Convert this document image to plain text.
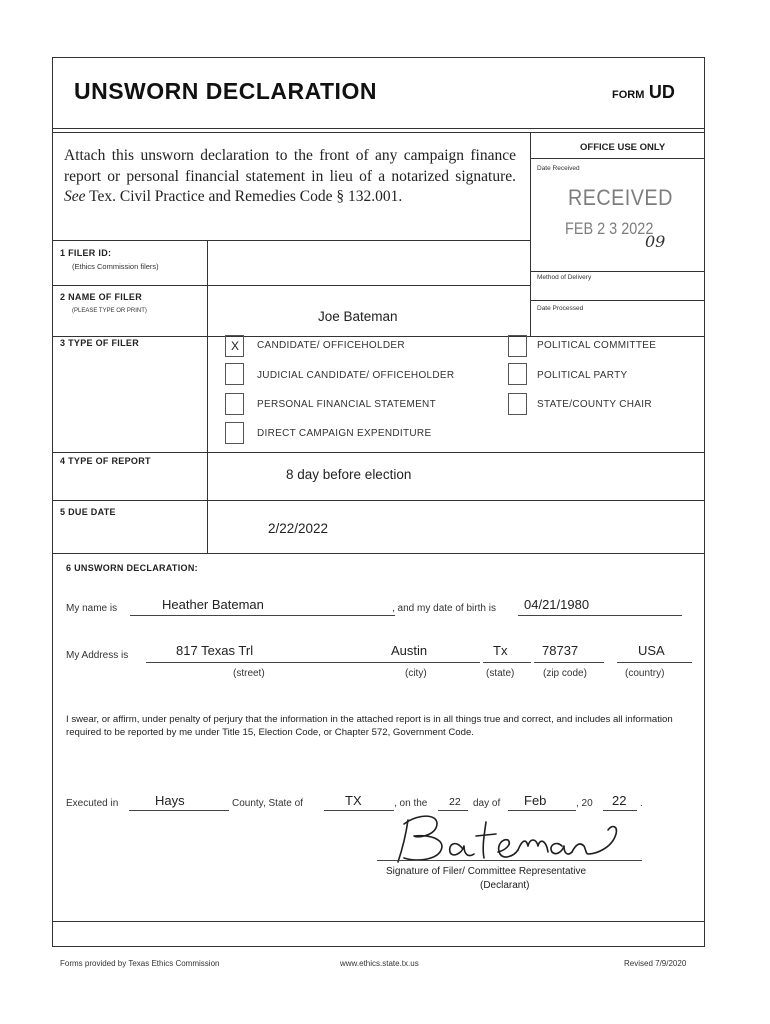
UNSWORN DECLARATION	FORM UD
Attach this unsworn declaration to the front of any campaign finance report or personal financial statement in lieu of a notarized signature. See Tex. Civil Practice and Remedies Code § 132.001.
OFFICE USE ONLY
Date Received
RECEIVED
FEB 2 3 2022
09
Method of Delivery
Date Processed
1 FILER ID:
(Ethics Commission filers)
2 NAME OF FILER
(PLEASE TYPE OR PRINT)	Joe Bateman
3 TYPE OF FILER	X CANDIDATE/ OFFICEHOLDER
JUDICIAL CANDIDATE/ OFFICEHOLDER
PERSONAL FINANCIAL STATEMENT
DIRECT CAMPAIGN EXPENDITURE
POLITICAL COMMITTEE
POLITICAL PARTY
STATE/COUNTY CHAIR
4 TYPE OF REPORT
8 day before election
5 DUE DATE
2/22/2022
6 UNSWORN DECLARATION:
My name is	Heather Bateman	, and my date of birth is 04/21/1980
My Address is	817 Texas Trl	Austin	Tx	78737	USA
(street)	(city)	(state)	(zip code)	(country)
I swear, or affirm, under penalty of perjury that the information in the attached report is in all things true and correct, and includes all information required to be reported by me under Title 15, Election Code, or Chapter 572, Government Code.
Executed in	Hays	County, State of	TX	, on the 22 day of Feb	, 20 22 .
Signature of Filer/ Committee Representative
(Declarant)
Forms provided by Texas Ethics Commission	www.ethics.state.tx.us	Revised 7/9/2020
